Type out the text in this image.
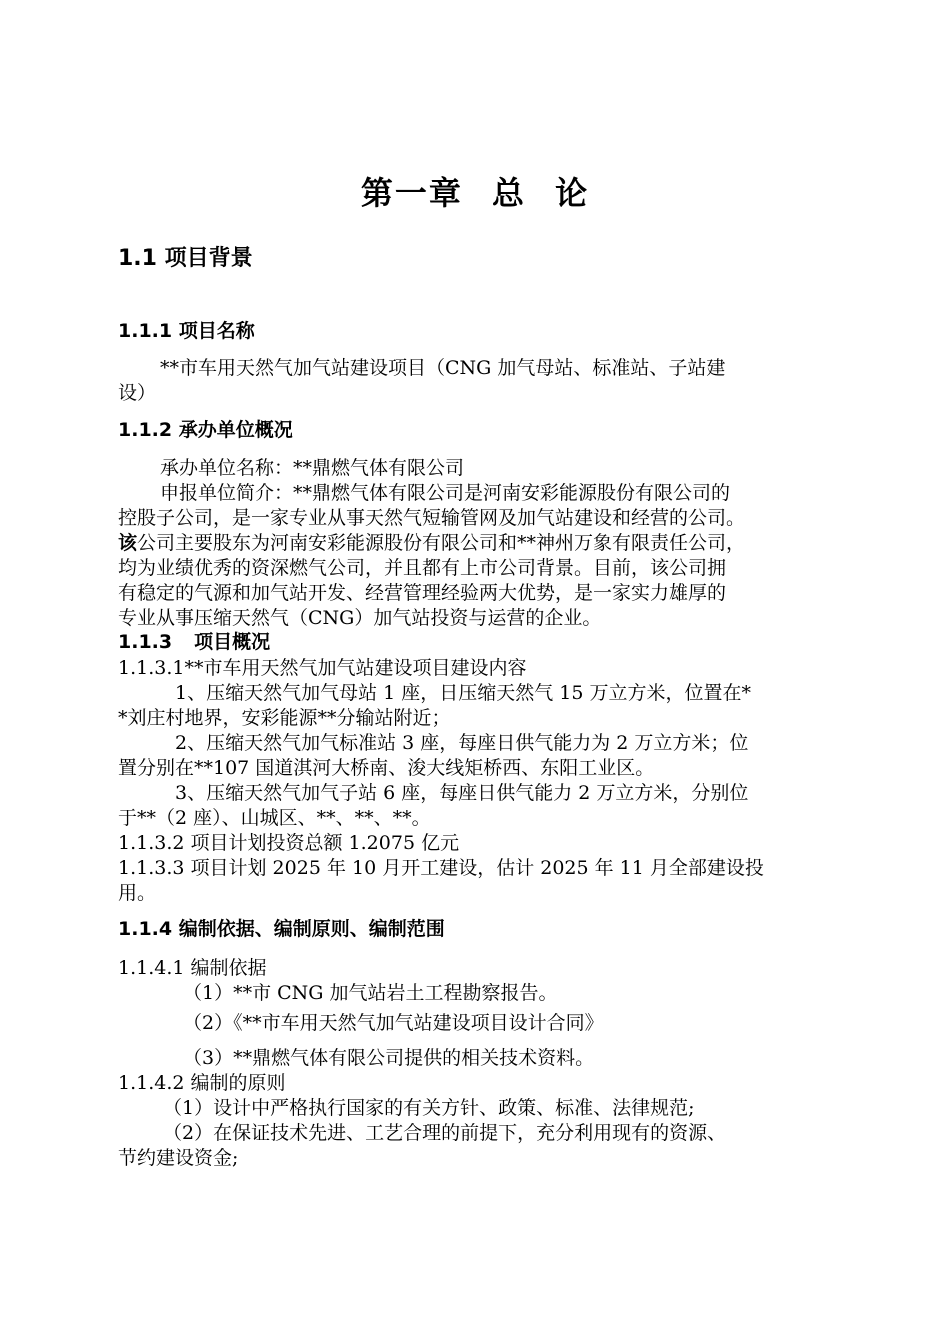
第一章 总 论
1.1 项目背景
1.1.1 项目名称
**市车用天然气加气站建设项目（CNG 加气母站、标准站、子站建
设）
1.1.2 承办单位概况
承办单位名称：**鼎燃气体有限公司
申报单位简介：**鼎燃气体有限公司是河南安彩能源股份有限公司的
控股子公司，是一家专业从事天然气短输管网及加气站建设和经营的公司。
该公司主要股东为河南安彩能源股份有限公司和**神州万象有限责任公司，
均为业绩优秀的资深燃气公司，并且都有上市公司背景。目前，该公司拥
有稳定的气源和加气站开发、经营管理经验两大优势，是一家实力雄厚的
专业从事压缩天然气（CNG）加气站投资与运营的企业。
1.1.3 项目概况
1.1.3.1**市车用天然气加气站建设项目建设内容
1、压缩天然气加气母站 1 座，日压缩天然气 15 万立方米，位置在*
*刘庄村地界，安彩能源**分输站附近；
2、压缩天然气加气标准站 3 座，每座日供气能力为 2 万立方米；位
置分别在**107 国道淇河大桥南、浚大线矩桥西、东阳工业区。
3、压缩天然气加气子站 6 座，每座日供气能力 2 万立方米，分别位
于**（2 座）、山城区、**、**、**。
1.1.3.2 项目计划投资总额 1.2075 亿元
1.1.3.3 项目计划 2025 年 10 月开工建设，估计 2025 年 11 月全部建设投
用。
1.1.4 编制依据、编制原则、编制范围
1.1.4.1 编制依据
（1）**市 CNG 加气站岩土工程勘察报告。
（2）《**市车用天然气加气站建设项目设计合同》
（3）**鼎燃气体有限公司提供的相关技术资料。
1.1.4.2 编制的原则
（1）设计中严格执行国家的有关方针、政策、标准、法律规范;
（2）在保证技术先进、工艺合理的前提下，充分利用现有的资源、
节约建设资金;
